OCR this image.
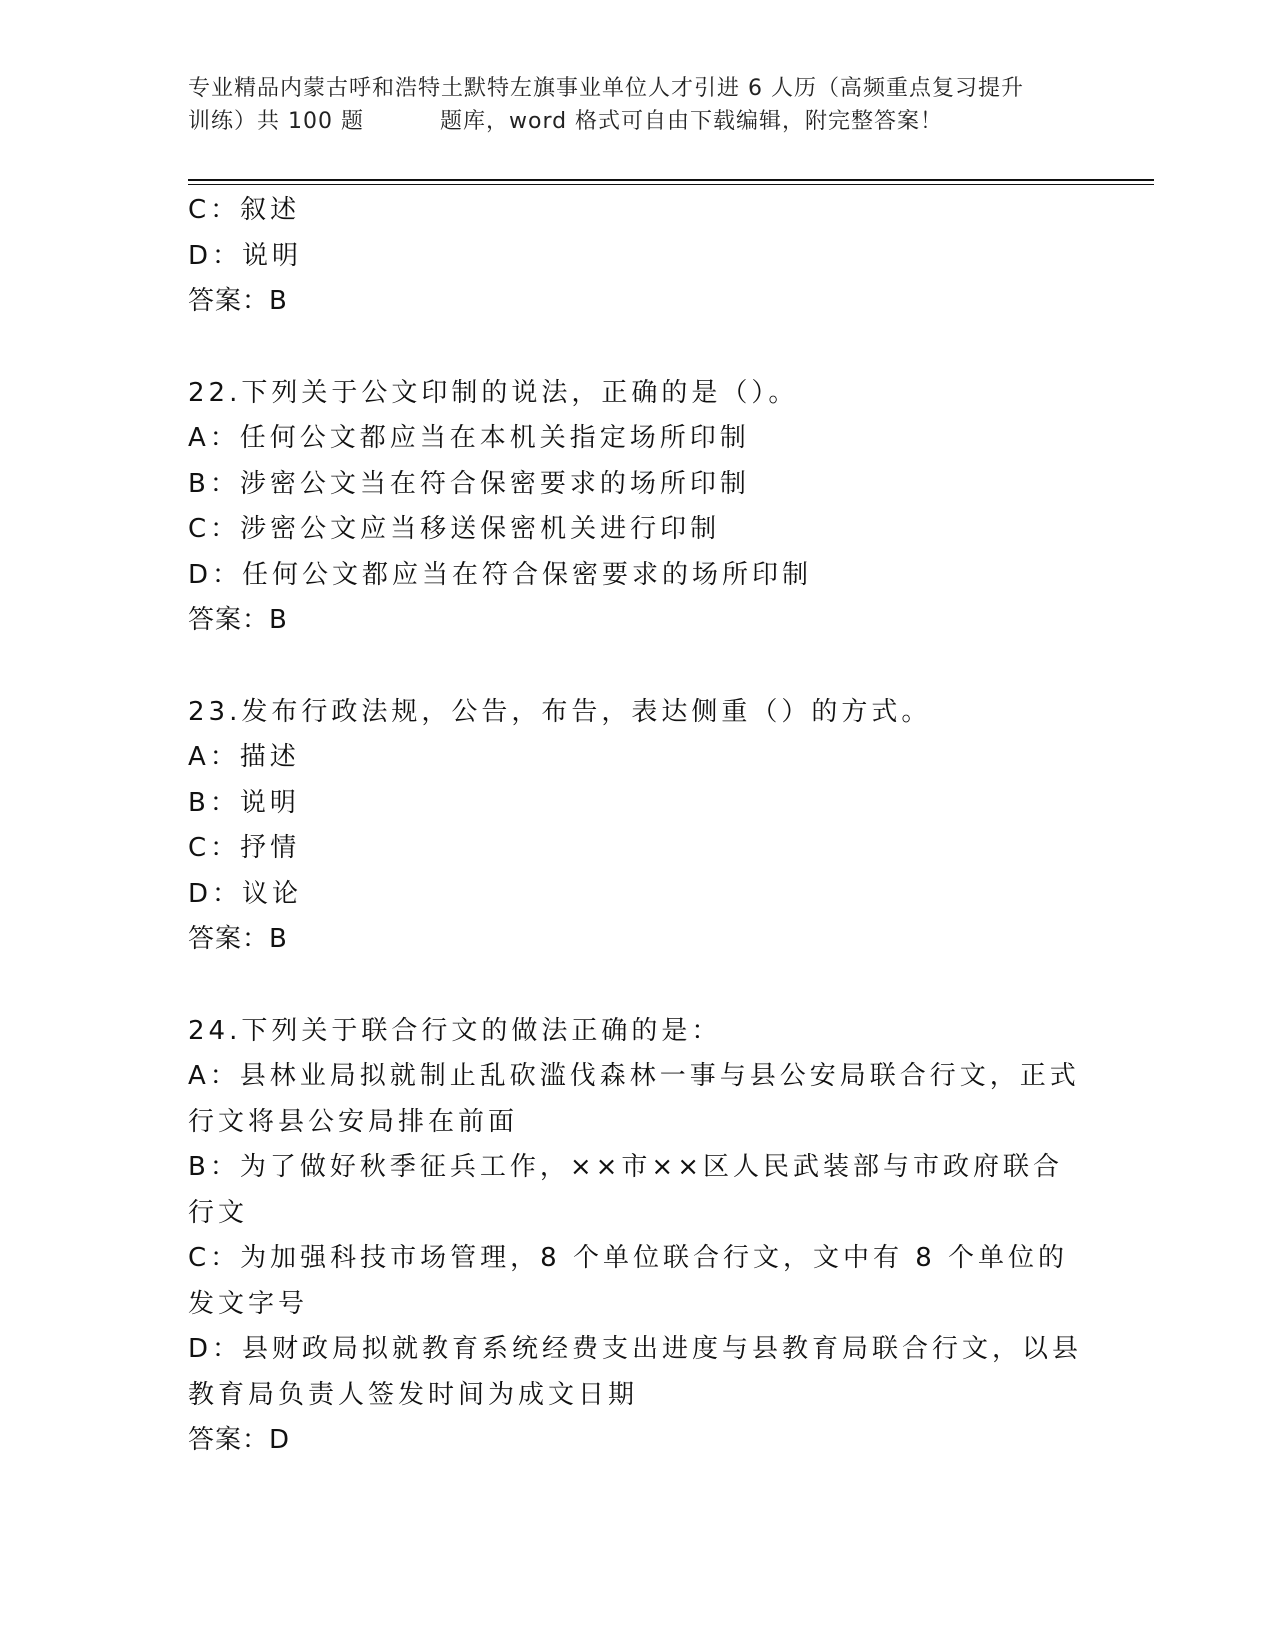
专业精品内蒙古呼和浩特土默特左旗事业单位人才引进 6 人历（高频重点复习提升
训练）共 100 题	题库，word 格式可自由下载编辑，附完整答案！

C：叙述

D：说明

答案：B

22.下列关于公文印制的说法，正确的是（）。

A：任何公文都应当在本机关指定场所印制

B：涉密公文当在符合保密要求的场所印制

C：涉密公文应当移送保密机关进行印制

D：任何公文都应当在符合保密要求的场所印制

答案：B

23.发布行政法规，公告，布告，表达侧重（）的方式。

A：描述

B：说明

C：抒情

D：议论

答案：B

24.下列关于联合行文的做法正确的是：

A：县林业局拟就制止乱砍滥伐森林一事与县公安局联合行文，正式行文将县公安局排在前面

B：为了做好秋季征兵工作，××市××区人民武装部与市政府联合行文

C：为加强科技市场管理，8 个单位联合行文，文中有 8 个单位的发文字号

D：县财政局拟就教育系统经费支出进度与县教育局联合行文，以县教育局负责人签发时间为成文日期

答案：D
